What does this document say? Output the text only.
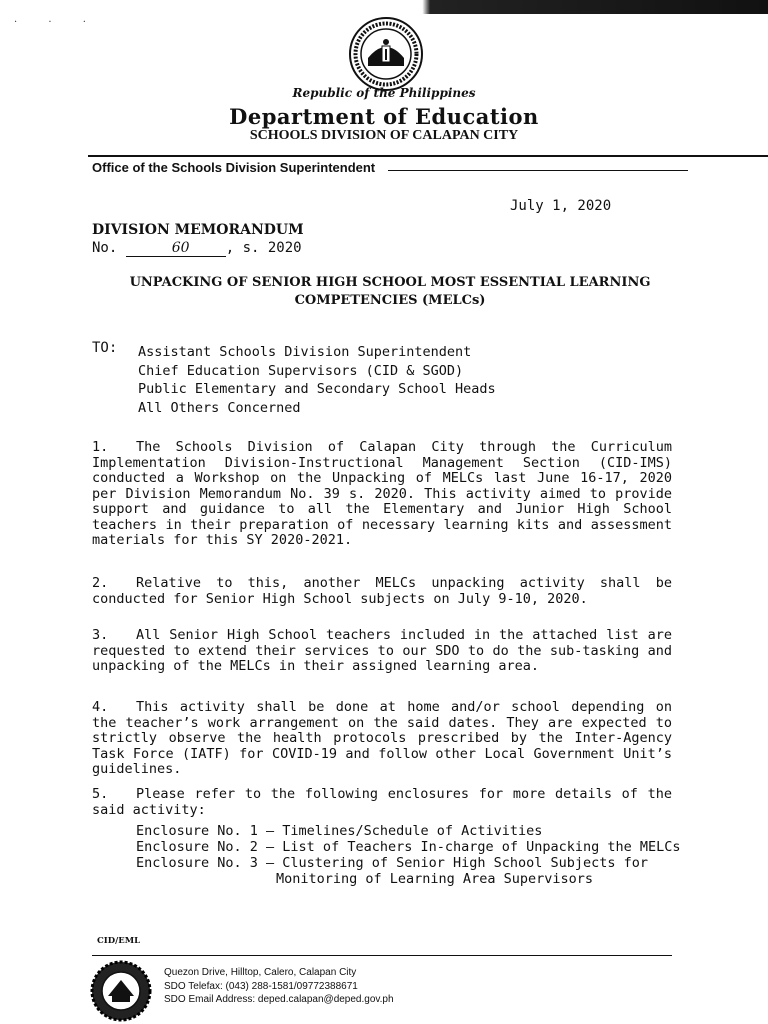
. . .
Republic of the Philippines
Department of Education
SCHOOLS DIVISION OF CALAPAN CITY
Office of the Schools Division Superintendent
July 1, 2020
DIVISION MEMORANDUM
No.	60	, s. 2020
UNPACKING OF SENIOR HIGH SCHOOL MOST ESSENTIAL LEARNING
COMPETENCIES (MELCs)
TO: Assistant Schools Division Superintendent
Chief Education Supervisors (CID & SGOD)
Public Elementary and Secondary School Heads
All Others Concerned
1. The Schools Division of Calapan City through the Curriculum Implementation Division-Instructional Management Section (CID-IMS) conducted a Workshop on the Unpacking of MELCs last June 16-17, 2020 per Division Memorandum No. 39 s. 2020. This activity aimed to provide support and guidance to all the Elementary and Junior High School teachers in their preparation of necessary learning kits and assessment materials for this SY 2020-2021.
2. Relative to this, another MELCs unpacking activity shall be conducted for Senior High School subjects on July 9-10, 2020.
3. All Senior High School teachers included in the attached list are requested to extend their services to our SDO to do the sub-tasking and unpacking of the MELCs in their assigned learning area.
4. This activity shall be done at home and/or school depending on the teacher’s work arrangement on the said dates. They are expected to strictly observe the health protocols prescribed by the Inter-Agency Task Force (IATF) for COVID-19 and follow other Local Government Unit’s guidelines.
5. Please refer to the following enclosures for more details of the said activity:
Enclosure No. 1 – Timelines/Schedule of Activities
Enclosure No. 2 – List of Teachers In-charge of Unpacking the MELCs
Enclosure No. 3 – Clustering of Senior High School Subjects for
Monitoring of Learning Area Supervisors
CID/EML
Quezon Drive, Hilltop, Calero, Calapan City
SDO Telefax: (043) 288-1581/09772388671
SDO Email Address: deped.calapan@deped.gov.ph
